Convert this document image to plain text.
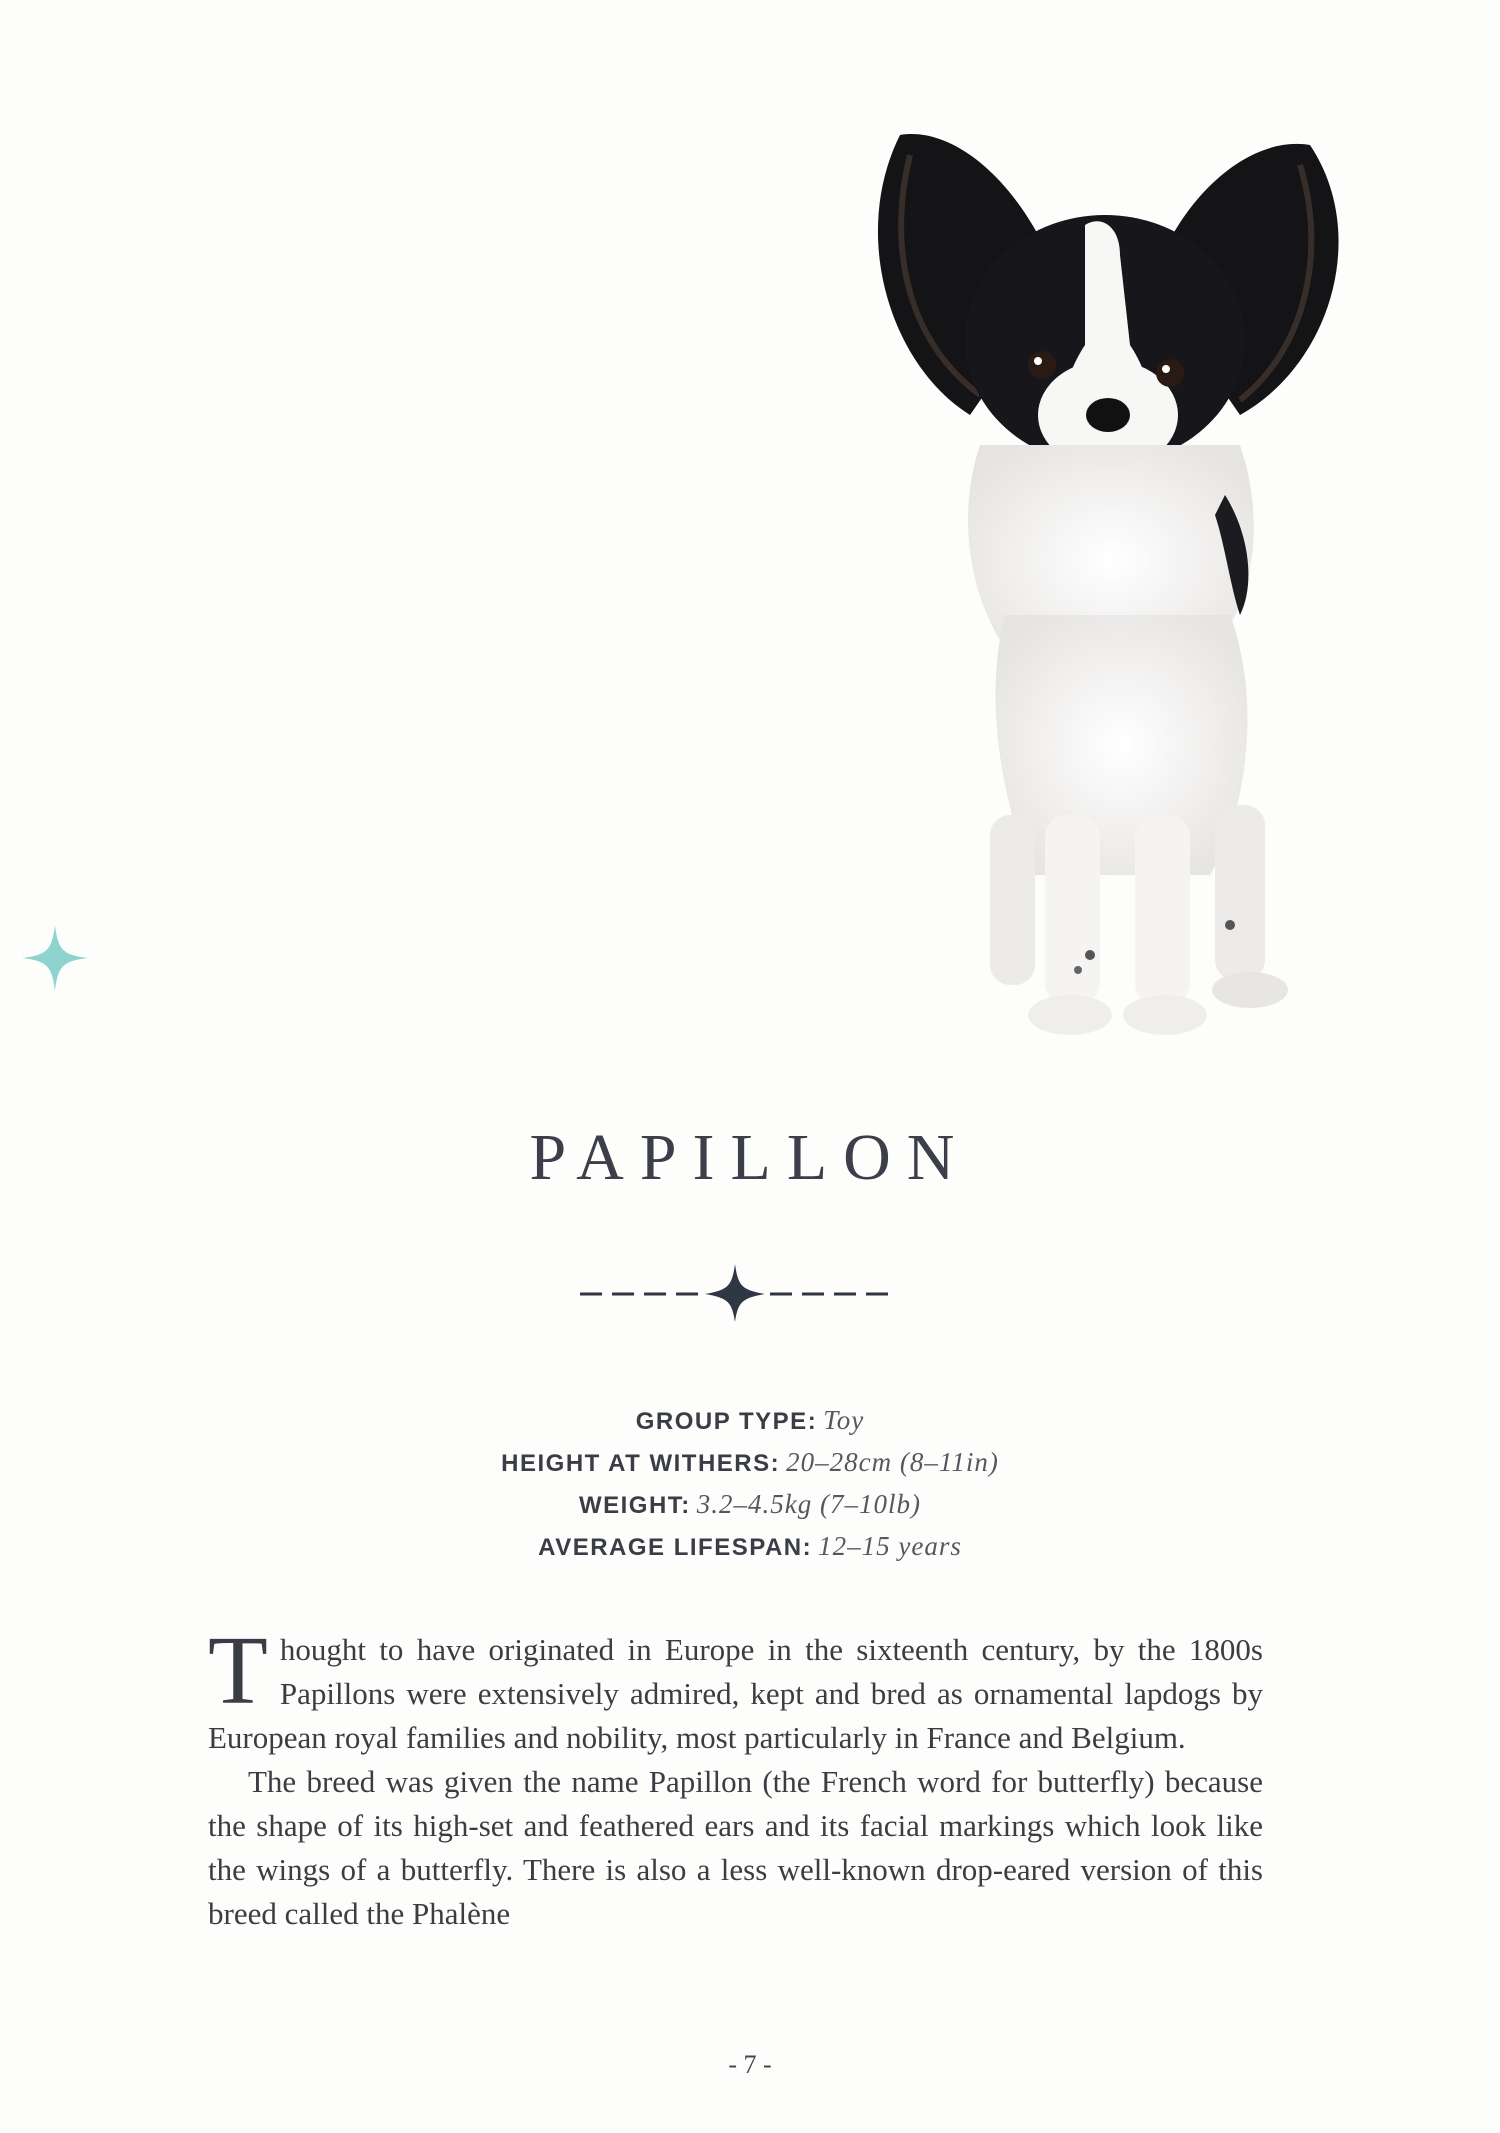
PAPILLON
GROUP TYPE: Toy
HEIGHT AT WITHERS: 20–28cm (8–11in)
WEIGHT: 3.2–4.5kg (7–10lb)
AVERAGE LIFESPAN: 12–15 years

Thought to have originated in Europe in the sixteenth century, by the 1800s Papillons were extensively admired, kept and bred as ornamental lapdogs by European royal families and nobility, most particularly in France and Belgium.

The breed was given the name Papillon (the French word for butterfly) because the shape of its high-set and feathered ears and its facial markings which look like the wings of a butterfly. There is also a less well-known drop-eared version of this breed called the Phalène

- 7 -
